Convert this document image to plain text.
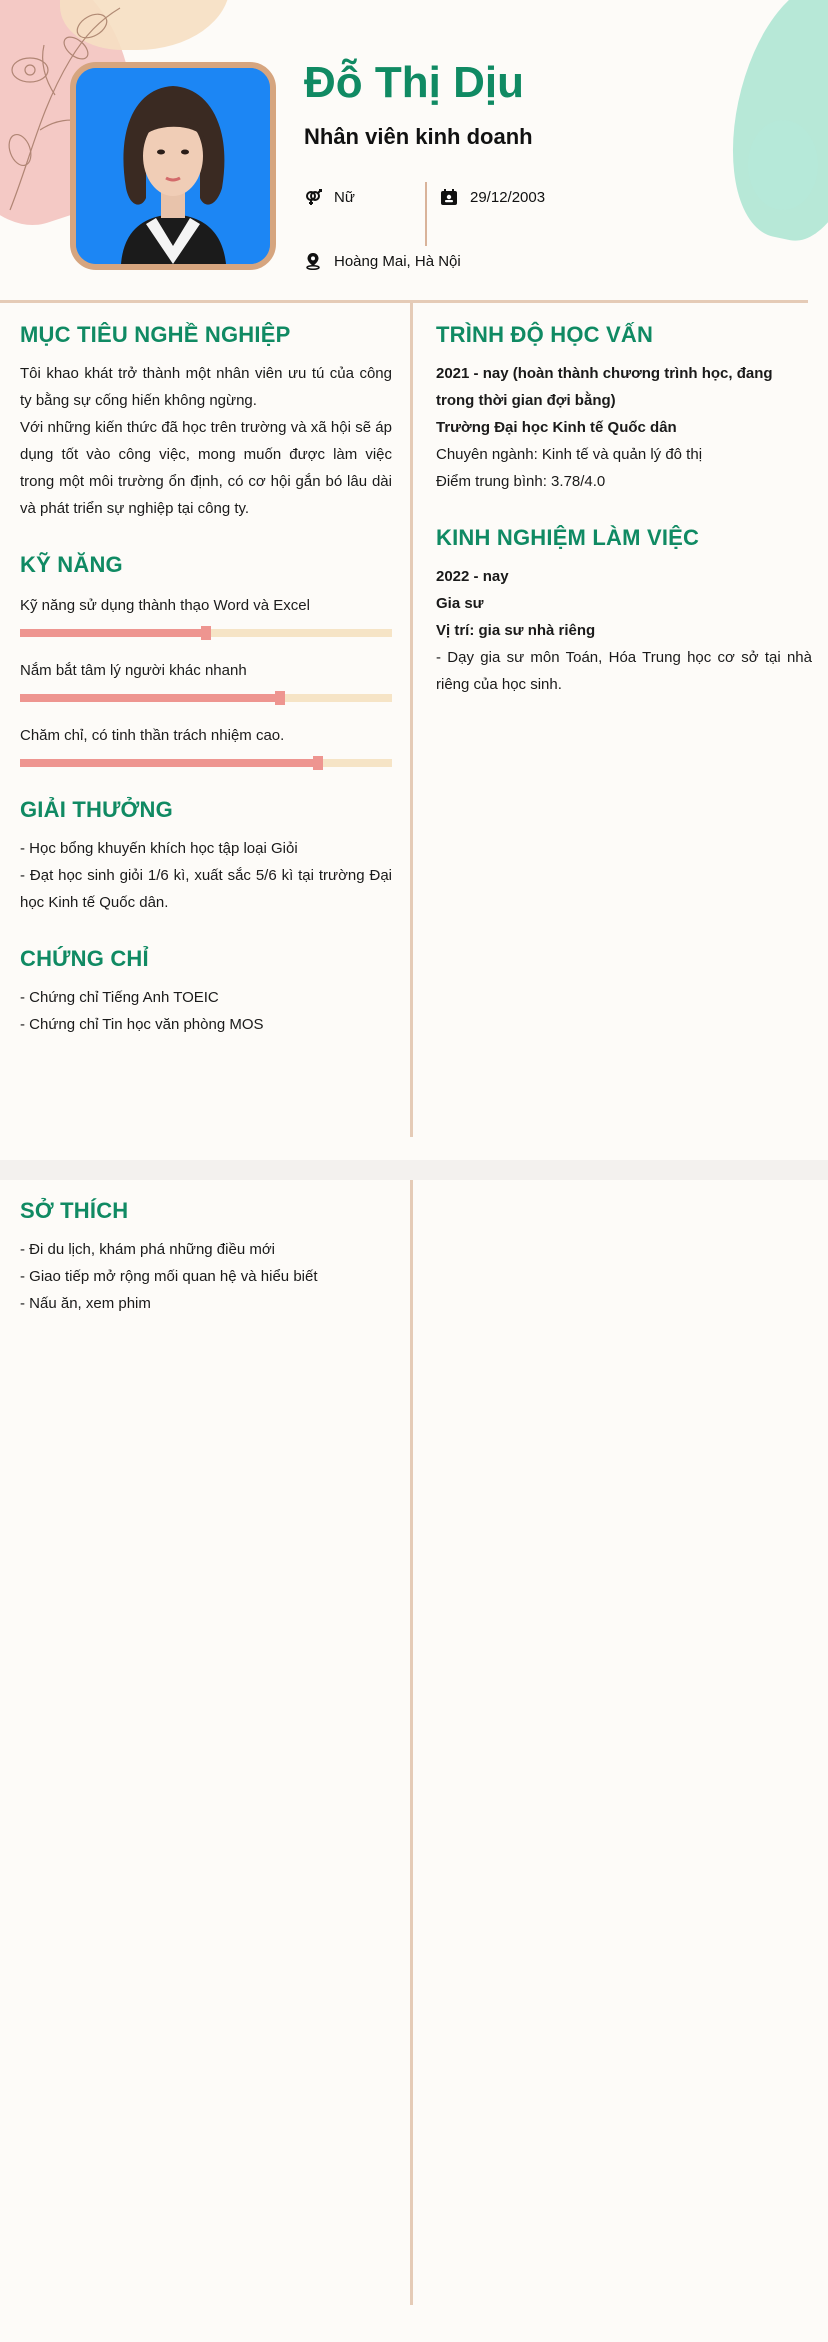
Đỗ Thị Dịu
Nhân viên kinh doanh
Nữ	29/12/2003
Hoàng Mai, Hà Nội
MỤC TIÊU NGHỀ NGHIỆP

Tôi khao khát trở thành một nhân viên ưu tú của công ty bằng sự cống hiến không ngừng.

Với những kiến thức đã học trên trường và xã hội sẽ áp dụng tốt vào công việc, mong muốn được làm việc trong một môi trường ổn định, có cơ hội gắn bó lâu dài và phát triển sự nghiệp tại công ty.

KỸ NĂNG
Kỹ năng sử dụng thành thạo Word và Excel
Nắm bắt tâm lý người khác nhanh
Chăm chỉ, có tinh thần trách nhiệm cao.
GIẢI THƯỞNG

- Học bổng khuyến khích học tập loại Giỏi

- Đạt học sinh giỏi 1/6 kì, xuất sắc 5/6 kì tại trường Đại học Kinh tế Quốc dân.

CHỨNG CHỈ

- Chứng chỉ Tiếng Anh TOEIC

- Chứng chỉ Tin học văn phòng MOS

TRÌNH ĐỘ HỌC VẤN

2021 - nay (hoàn thành chương trình học, đang trong thời gian đợi bằng)

Trường Đại học Kinh tế Quốc dân

Chuyên ngành: Kinh tế và quản lý đô thị

Điểm trung bình: 3.78/4.0

KINH NGHIỆM LÀM VIỆC

2022 - nay

Gia sư

Vị trí: gia sư nhà riêng

- Dạy gia sư môn Toán, Hóa Trung học cơ sở tại nhà riêng của học sinh.

SỞ THÍCH

- Đi du lịch, khám phá những điều mới

- Giao tiếp mở rộng mối quan hệ và hiểu biết

- Nấu ăn, xem phim
